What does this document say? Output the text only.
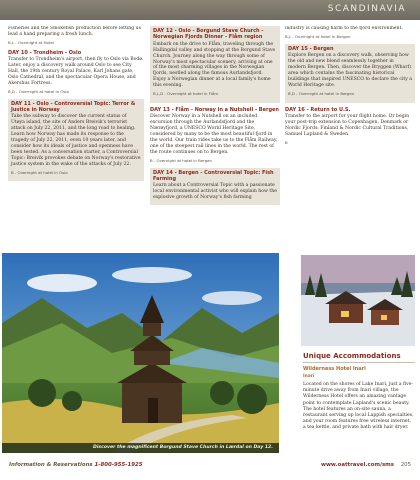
SCANDINAVIA

Fisheries and the Smokefish production before letting us lead a hand preparing a fresh lunch.

B,L - Overnight at Hotel

DAY 10 - Trondheim - Oslo

Transfer to Trondheim's airport, then fly to Oslo via Bodø. Later, enjoy a discovery walk around Oslo to see City Hall, the 19th century Royal Palace, Karl Johans gate, Oslo Cathedral, and the spectacular Opera House, and Akershus Fortress.

B,D - Overnight at hotel in Oslo

DAY 11 - Oslo - Controversial Topic: Terror & Justice in Norway

Take the subway to discover the current status of Utøya island, the site of Anders Breivik's terrorist attack on July 22, 2011, and the long road to healing. Learn how Norway has made its response to the tragedy of July 22, 2011, even 10 years later, and consider how its ideals of justice and openness have been tested. As a conversation starter, a Controversial Topic: Breivik provokes debate on Norway's restorative justice system in the wake of the attacks of July 22.

B - Overnight at hotel in Oslo

DAY 12 - Oslo - Borgund Stave Church - Norwegian Fjords Dinner - Flåm region

Embark on the drive to Flåm, traveling through the Hallingdal valley and stopping at the Borgund Stave Church. Journey along the way through some of Norway's most spectacular scenery, arriving at one of the most charming villages in the Norwegian fjords, nestled along the famous Aurlandsfjord. Enjoy a Norwegian dinner at a local family's home this evening.

B,L,D - Overnight at hotel in Flåm

DAY 13 - Flåm - Norway in a Nutshell - Bergen

Discover Norway in a Nutshell on an included excursion through the Aurlandsfjord and the Nærøyfjord, a UNESCO World Heritage Site, considered by many to be the most beautiful fjord in the world. Our train rides take us to the Flåm Railway, one of the steepest rail lines in the world. The rest of the route continues on to Bergen.

B - Overnight at hotel in Bergen

DAY 14 - Bergen - Controversial Topic: Fish Farming

Learn about a Controversial Topic with a passionate local environmental activist who will explain how the explosive growth of Norway's fish farming

industry is causing harm to the fjord environment.

B,L - Overnight at hotel in Bergen

DAY 15 - Bergen

Explore Bergen on a discovery walk, observing how the old and new blend seamlessly together in modern Bergen. Then, discover the Bryggen (Wharf) area which contains the fascinating historical buildings that inspired UNESCO to declare the city a World Heritage site.

B,D - Overnight at hotel in Bergen

DAY 16 - Return to U.S.

Transfer to the airport for your flight home. Or begin your post-trip extension to Copenhagen, Denmark or Nordic Fjords: Finland & Nordic Cultural Traditions, Samuel Lapland & Sweden.

B

Discover the magnificent Borgund Stave Church in Lærdal on Day 12.
Unique Accommodations
Wilderness Hotel Inari
Inari
Located on the shores of Lake Inari, just a five-minute drive away from Inari village, the Wilderness Hotel offers an amazing vantage point to contemplate Lapland's scenic beauty. The hotel features an on-site sauna, a restaurant serving up local Lappish specialties, and your room features free wireless internet, a tea kettle, and private bath with hair dryer.
Information & Reservations 1-800-955-1925	www.oattravel.com/sms 205
